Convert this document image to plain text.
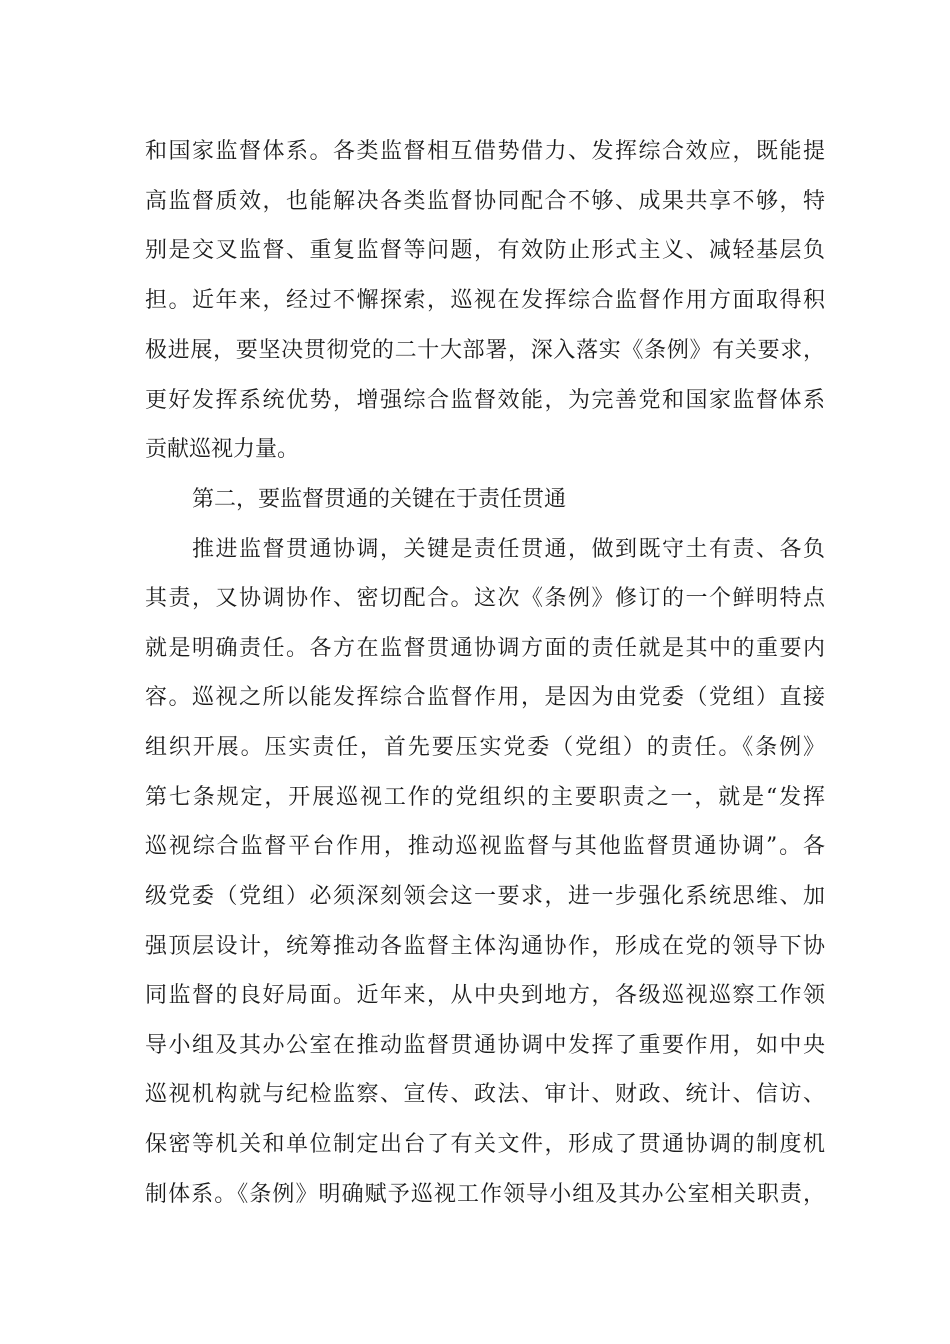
和国家监督体系。各类监督相互借势借力、发挥综合效应，既能提
高监督质效，也能解决各类监督协同配合不够、成果共享不够，特
别是交叉监督、重复监督等问题，有效防止形式主义、减轻基层负
担。近年来，经过不懈探索，巡视在发挥综合监督作用方面取得积
极进展，要坚决贯彻党的二十大部署，深入落实《条例》有关要求，
更好发挥系统优势，增强综合监督效能，为完善党和国家监督体系
贡献巡视力量。
第二，要监督贯通的关键在于责任贯通
推进监督贯通协调，关键是责任贯通，做到既守土有责、各负
其责，又协调协作、密切配合。这次《条例》修订的一个鲜明特点
就是明确责任。各方在监督贯通协调方面的责任就是其中的重要内
容。巡视之所以能发挥综合监督作用，是因为由党委（党组）直接
组织开展。压实责任，首先要压实党委（党组）的责任。《条例》
第七条规定，开展巡视工作的党组织的主要职责之一，就是“发挥
巡视综合监督平台作用，推动巡视监督与其他监督贯通协调”。各
级党委（党组）必须深刻领会这一要求，进一步强化系统思维、加
强顶层设计，统筹推动各监督主体沟通协作，形成在党的领导下协
同监督的良好局面。近年来，从中央到地方，各级巡视巡察工作领
导小组及其办公室在推动监督贯通协调中发挥了重要作用，如中央
巡视机构就与纪检监察、宣传、政法、审计、财政、统计、信访、
保密等机关和单位制定出台了有关文件，形成了贯通协调的制度机
制体系。《条例》明确赋予巡视工作领导小组及其办公室相关职责，
